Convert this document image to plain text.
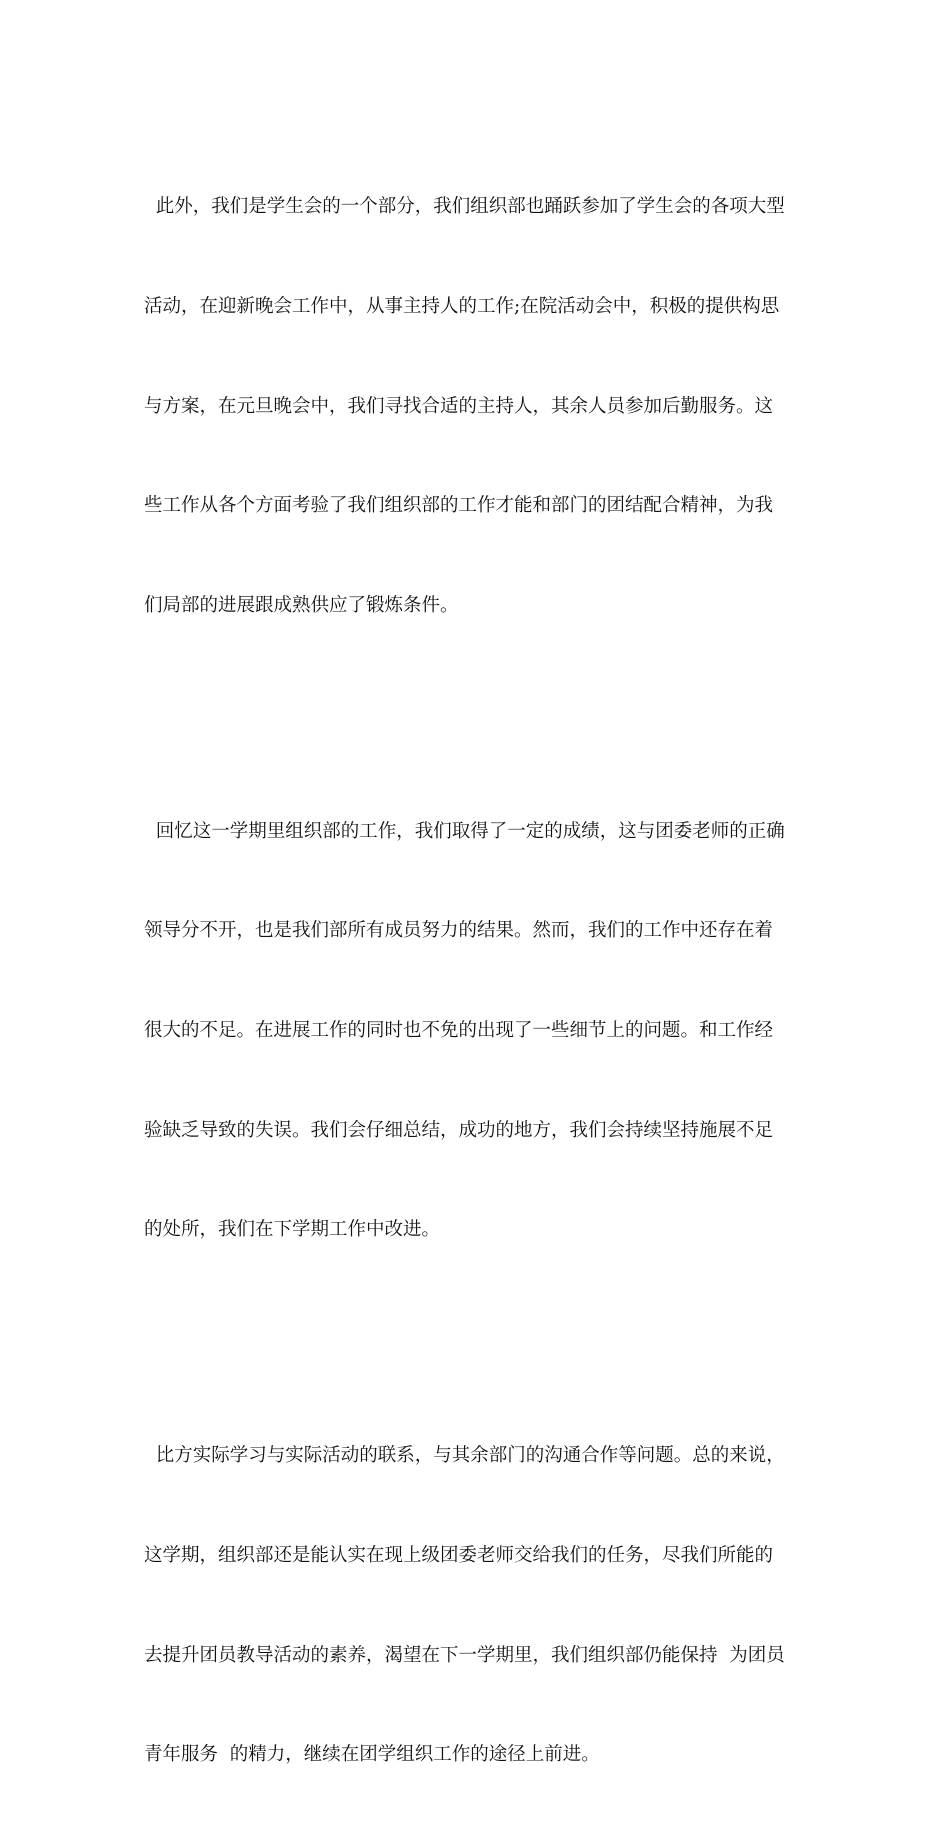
此外，我们是学生会的一个部分，我们组织部也踊跃参加了学生会的各项大型

活动，在迎新晚会工作中，从事主持人的工作;在院活动会中，积极的提供构思

与方案，在元旦晚会中，我们寻找合适的主持人，其余人员参加后勤服务。这

些工作从各个方面考验了我们组织部的工作才能和部门的团结配合精神，为我

们局部的进展跟成熟供应了锻炼条件。

回忆这一学期里组织部的工作，我们取得了一定的成绩，这与团委老师的正确

领导分不开，也是我们部所有成员努力的结果。然而，我们的工作中还存在着

很大的不足。在进展工作的同时也不免的出现了一些细节上的问题。和工作经

验缺乏导致的失误。我们会仔细总结，成功的地方，我们会持续坚持施展不足

的处所，我们在下学期工作中改进。

比方实际学习与实际活动的联系，与其余部门的沟通合作等问题。总的来说，

这学期，组织部还是能认实在现上级团委老师交给我们的任务，尽我们所能的

去提升团员教导活动的素养，渴望在下一学期里，我们组织部仍能保持  为团员

青年服务  的精力，继续在团学组织工作的途径上前进。
